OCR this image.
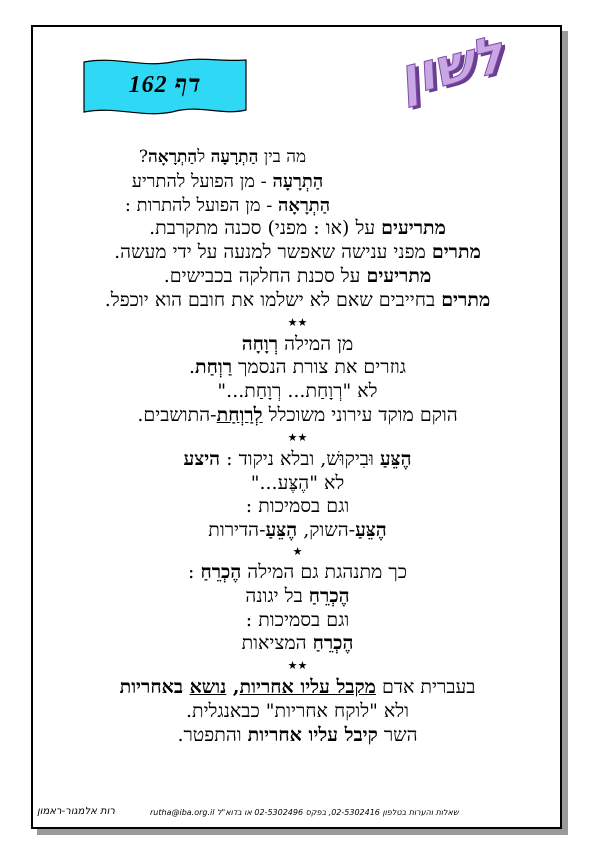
דף 162	לשון
מה בין הַתְרָעָה להַתְרָאָה?
הַתְרָעָה - מן הפועל להתריע
הַתְרָאָה - מן הפועל להתרות :
מתריעים על (או : מפני) סכנה מתקרבת.
מתרים מפני ענישה שאפשר למנעה על ידי מעשה.
מתריעים על סכנת החלקה בכבישים.
מתרים בחייבים שאם לא ישלמו את חובם הוא יוכפל.
★★
מן המילה רְוָחָה
גוזרים את צורת הנסמך רַוְחַת.
לא "רְוָחַת... רְוָחַת..."
הוקם מוקד עירוני משוכלל לְרַוְחַת-התושבים.
★★
הֶצֵּעַ וּבִיקוּשׁ, ובלא ניקוד : היצע
לא "הֶצֶּע..."
וגם בסמיכות :
הֶצֵּעַ-השוק, הֶצֵּעַ-הדירות
★
כך מתנהגת גם המילה הֶכְרֵחַ :
הֶכְרֵחַ בל יגונה
וגם בסמיכות :
הֶכְרֵחַ המציאות
★★
בעברית אדם מקבל עליו אחריות, נושא באחריות
ולא "לוקח אחריות" כבאנגלית.
השר קיבל עליו אחריות והתפטר.
רות אלמגור-ראמון	שאלות והערות בטלפון 02-5302416, בפקס 02-5302496 או בדוא"ל rutha@iba.org.il
